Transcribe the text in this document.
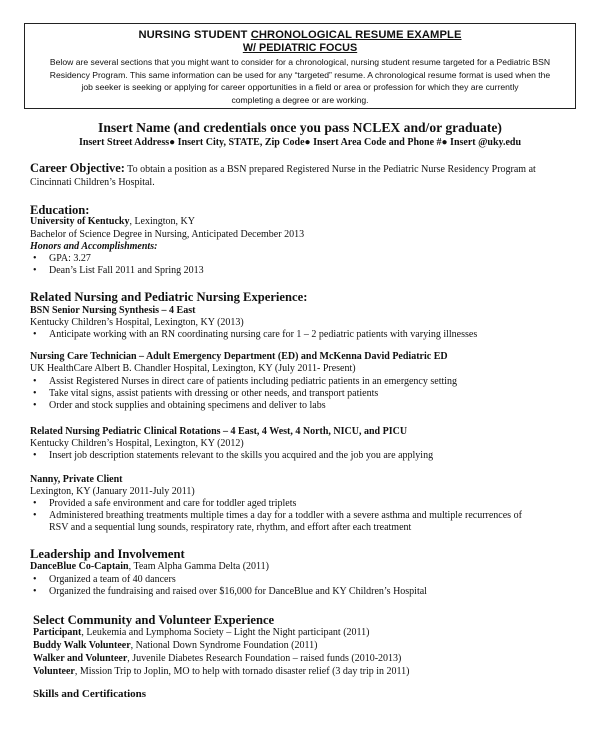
NURSING STUDENT CHRONOLOGICAL RESUME EXAMPLE
W/ PEDIATRIC FOCUS
Below are several sections that you might want to consider for a chronological, nursing student resume targeted for a Pediatric BSN
Residency Program. This same information can be used for any “targeted” resume. A chronological resume format is used when the
job seeker is seeking or applying for career opportunities in a field or area or profession for which they are currently
completing a degree or are working.
Insert Name (and credentials once you pass NCLEX and/or graduate)
Insert Street Address● Insert City, STATE, Zip Code● Insert Area Code and Phone #● Insert @uky.edu
Career Objective: To obtain a position as a BSN prepared Registered Nurse in the Pediatric Nurse Residency Program at Cincinnati Children’s Hospital.
Education:
University of Kentucky, Lexington, KY
Bachelor of Science Degree in Nursing, Anticipated December 2013
Honors and Accomplishments:
GPA: 3.27
Dean’s List Fall 2011 and Spring 2013
Related Nursing and Pediatric Nursing Experience:
BSN Senior Nursing Synthesis – 4 East
Kentucky Children’s Hospital, Lexington, KY (2013)
Anticipate working with an RN coordinating nursing care for 1 – 2 pediatric patients with varying illnesses
Nursing Care Technician – Adult Emergency Department (ED) and McKenna David Pediatric ED
UK HealthCare Albert B. Chandler Hospital, Lexington, KY (July 2011- Present)
Assist Registered Nurses in direct care of patients including pediatric patients in an emergency setting
Take vital signs, assist patients with dressing or other needs, and transport patients
Order and stock supplies and obtaining specimens and deliver to labs
Related Nursing Pediatric Clinical Rotations – 4 East, 4 West, 4 North, NICU, and PICU
Kentucky Children’s Hospital, Lexington, KY (2012)
Insert job description statements relevant to the skills you acquired and the job you are applying
Nanny, Private Client
Lexington, KY (January 2011-July 2011)
Provided a safe environment and care for toddler aged triplets
Administered breathing treatments multiple times a day for a toddler with a severe asthma and multiple recurrences of
RSV and a sequential lung sounds, respiratory rate, rhythm, and effort after each treatment
Leadership and Involvement
DanceBlue Co-Captain, Team Alpha Gamma Delta (2011)
Organized a team of 40 dancers
Organized the fundraising and raised over $16,000 for DanceBlue and KY Children’s Hospital
Select Community and Volunteer Experience
Participant, Leukemia and Lymphoma Society – Light the Night participant (2011)
Buddy Walk Volunteer, National Down Syndrome Foundation (2011)
Walker and Volunteer, Juvenile Diabetes Research Foundation – raised funds (2010-2013)
Volunteer, Mission Trip to Joplin, MO to help with tornado disaster relief (3 day trip in 2011)
Skills and Certifications
